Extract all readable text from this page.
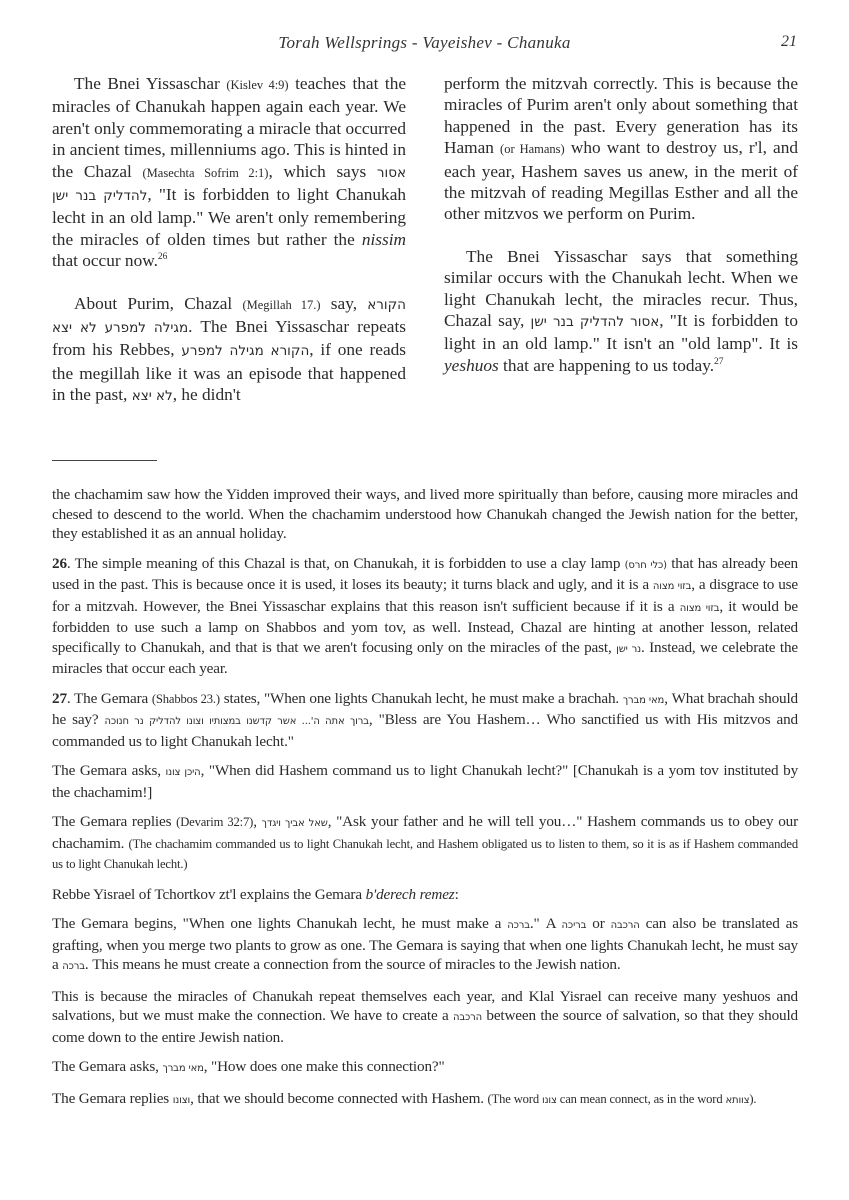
Torah Wellsprings - Vayeishev - Chanuka	21

The Bnei Yissaschar (Kislev 4:9) teaches that the miracles of Chanukah happen again each year. We aren't only commemorating a miracle that occurred in ancient times, millenniums ago. This is hinted in the Chazal (Masechta Sofrim 2:1), which says אסור להדליק בנר ישן, "It is forbidden to light Chanukah lecht in an old lamp." We aren't only remembering the miracles of olden times but rather the nissim that occur now.$^{26}$

About Purim, Chazal (Megillah 17.) say, הקורא מגילה למפרע לא יצא. The Bnei Yissaschar repeats from his Rebbes, הקורא מגילה למפרע, if one reads the megillah like it was an episode that happened in the past, לא יצא, he didn't

perform the mitzvah correctly. This is because the miracles of Purim aren't only about something that happened in the past. Every generation has its Haman (or Hamans) who want to destroy us, r'l, and each year, Hashem saves us anew, in the merit of the mitzvah of reading Megillas Esther and all the other mitzvos we perform on Purim.

The Bnei Yissaschar says that something similar occurs with the Chanukah lecht. When we light Chanukah lecht, the miracles recur. Thus, Chazal say, אסור להדליק בנר ישן, "It is forbidden to light in an old lamp." It isn't an "old lamp". It is yeshuos that are happening to us today.$^{27}$

the chachamim saw how the Yidden improved their ways, and lived more spiritually than before, causing more miracles and chesed to descend to the world. When the chachamim understood how Chanukah changed the Jewish nation for the better, they established it as an annual holiday.

26. The simple meaning of this Chazal is that, on Chanukah, it is forbidden to use a clay lamp (כלי חרס) that has already been used in the past. This is because once it is used, it loses its beauty; it turns black and ugly, and it is a בזוי מצוה, a disgrace to use for a mitzvah. However, the Bnei Yissaschar explains that this reason isn't sufficient because if it is a בזוי מצוה, it would be forbidden to use such a lamp on Shabbos and yom tov, as well. Instead, Chazal are hinting at another lesson, related specifically to Chanukah, and that is that we aren't focusing only on the miracles of the past, נר ישן. Instead, we celebrate the miracles that occur each year.

27. The Gemara (Shabbos 23.) states, "When one lights Chanukah lecht, he must make a brachah. מאי מברך, What brachah should he say? ברוך אתה ה'... אשר קדשנו במצותיו וצונו להדליק נר חנוכה, "Bless are You Hashem… Who sanctified us with His mitzvos and commanded us to light Chanukah lecht."

The Gemara asks, היכן צונו, "When did Hashem command us to light Chanukah lecht?" [Chanukah is a yom tov instituted by the chachamim!]

The Gemara replies (Devarim 32:7), שאל אביך ויגדך, "Ask your father and he will tell you…" Hashem commands us to obey our chachamim. (The chachamim commanded us to light Chanukah lecht, and Hashem obligated us to listen to them, so it is as if Hashem commanded us to light Chanukah lecht.)

Rebbe Yisrael of Tchortkov zt'l explains the Gemara b'derech remez:

The Gemara begins, "When one lights Chanukah lecht, he must make a ברכה." A בריכה or הרכבה can also be translated as grafting, when you merge two plants to grow as one. The Gemara is saying that when one lights Chanukah lecht, he must say a ברכה. This means he must create a connection from the source of miracles to the Jewish nation.

This is because the miracles of Chanukah repeat themselves each year, and Klal Yisrael can receive many yeshuos and salvations, but we must make the connection. We have to create a הרכבה between the source of salvation, so that they should come down to the entire Jewish nation.

The Gemara asks, מאי מברך, "How does one make this connection?"

The Gemara replies וצונו, that we should become connected with Hashem. (The word צונו can mean connect, as in the word צוותא).
